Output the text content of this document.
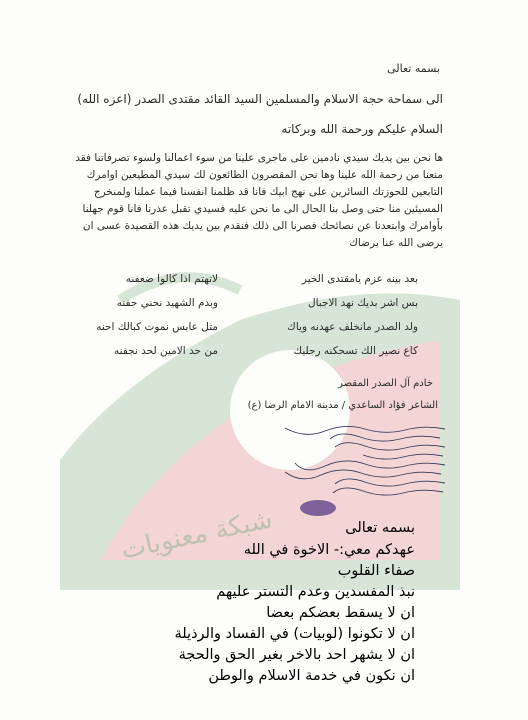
شبكة معنويات
بسمه تعالى
الى سماحة حجة الاسلام والمسلمين السيد القائد مقتدى الصدر (اعزه الله)
السلام عليكم ورحمة الله وبركاته
ها نحن بين يديك سيدي نادمين على ماجرى علينا من سوء اعمالنا ولسوء تصرفاتنا فقد منعنا من رحمة الله علينا وها نحن المقصرون الطائعون لك سيدي المطيعين اوامرك التابعين للحوزتك السائرين على نهج ابيك فانا قد ظلمنا انفسنا فيما عملنا ولمنخرج المسيئين منا حتى وصل بنا الحال الى ما نحن عليه فسيدي تقبل عذرنا فانا قوم جهلنا بأوامرك وابتعدنا عن نصائحك فصرنا الى ذلك فنقدم بين يديك هذه القصيدة عسى ان يرضى الله عنا برضاك
بعد بينه عزم يامقتدى الخير
لاتهتم اذا كالوا ضعفنه
بس اشر بديك نهد الاجبال
وبدم الشهيد نحني جفنه
ولد الصدر مانخلف عهدنه وياك
مثل عابس نموت كبالك احنه
كاع نصير الك تسحكنه رجليك
من حد الامين لحد نجفنه
خادم آل الصدر المقصر
الشاعر فؤاد الساعدي / مدينة الامام الرضا (ع)
بسمه تعالى
عهدكم معي:- الاخوة في الله
صفاء القلوب
نبذ المفسدين وعدم التستر عليهم
ان لا يسقط بعضكم بعضا
ان لا تكونوا (لوبيات) في الفساد والرذيلة
ان لا يشهر احد بالاخر بغير الحق والحجة
ان نكون في خدمة الاسلام والوطن
